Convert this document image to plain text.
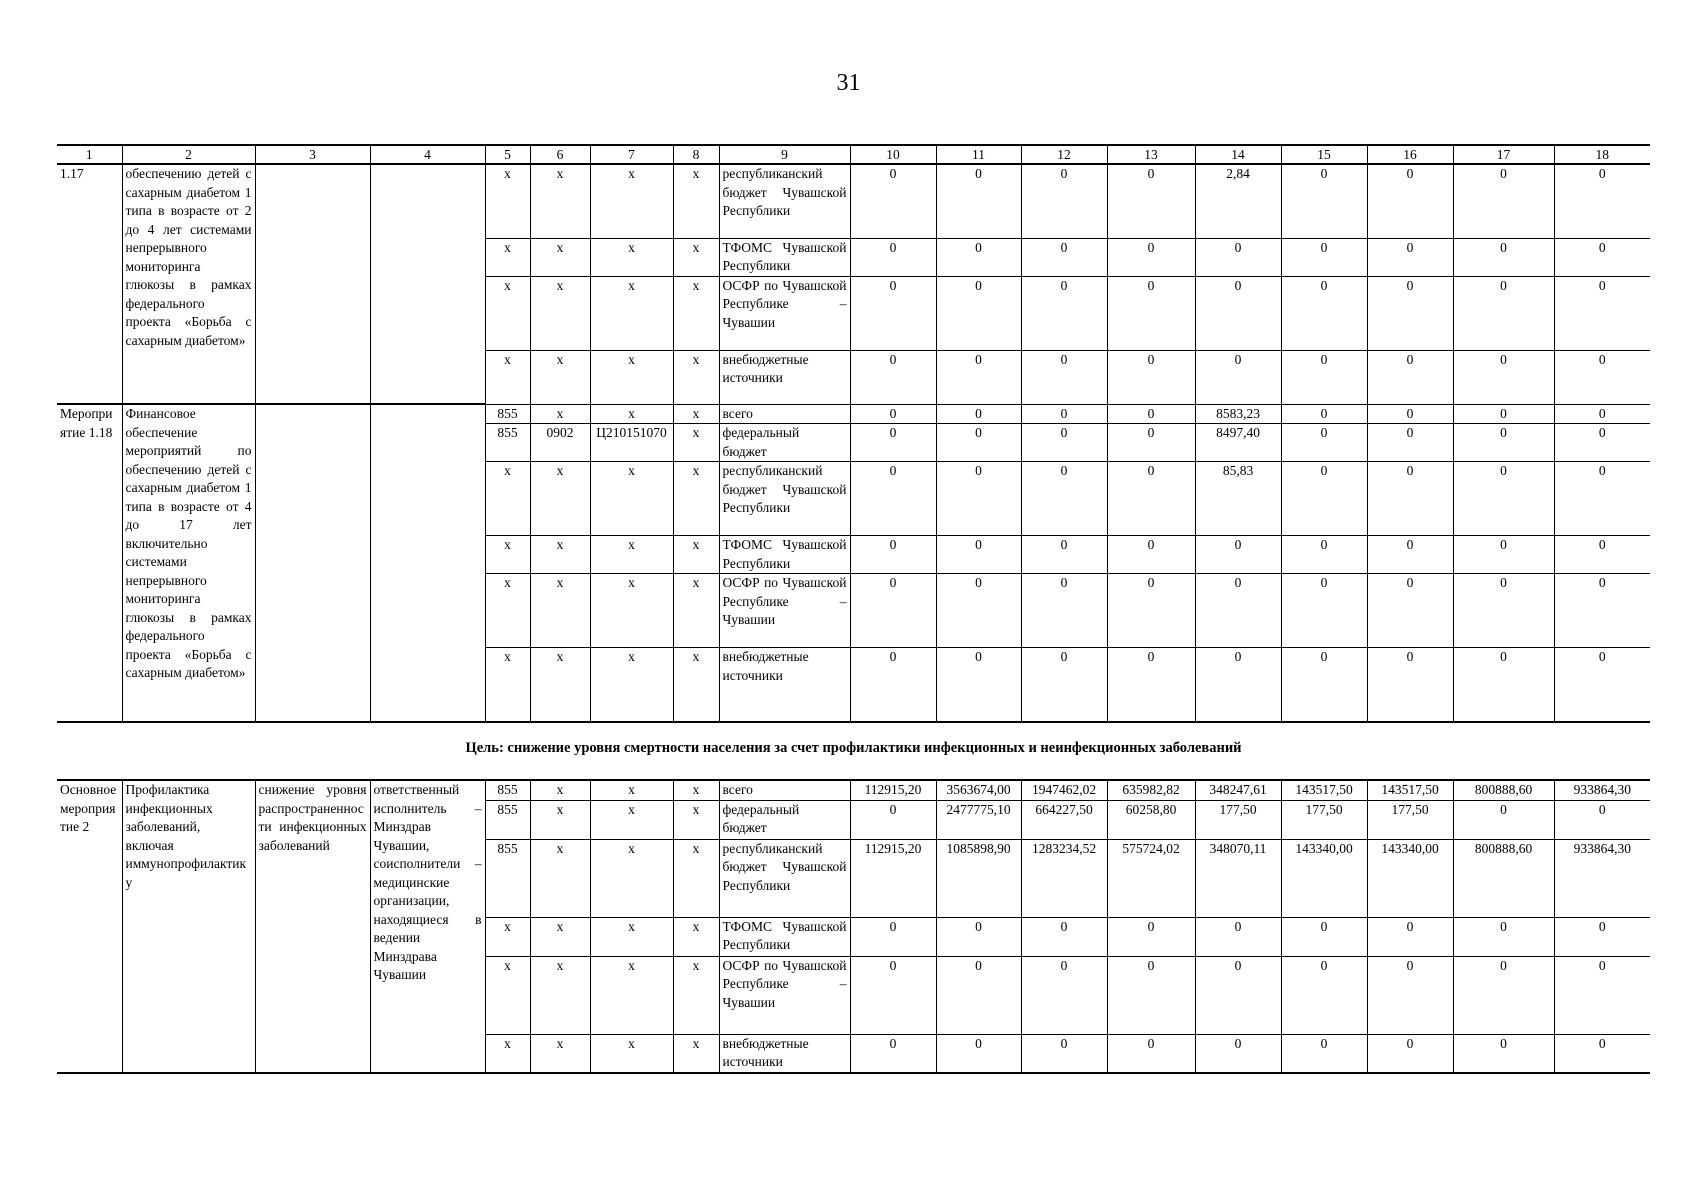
31
1	2	3	4	5	6	7	8	9	10	11	12	13	14	15	16	17	18
1.17	обеспечению детей с сахарным диабетом 1 типа в возрасте от 2 до 4 лет системами непрерывного мониторинга глюкозы в рамках федерального проекта «Борьба с сахарным диабетом»			x	x	x	x	республиканский бюджет Чувашской Республики	0	0	0	0	2,84	0	0	0	0
				x	x	x	x	ТФОМС Чувашской Республики	0	0	0	0	0	0	0	0	0
				x	x	x	x	ОСФР по Чувашской Республике – Чувашии	0	0	0	0	0	0	0	0	0
				x	x	x	x	внебюджетные источники	0	0	0	0	0	0	0	0	0
Мероприятие 1.18	Финансовое обеспечение мероприятий по обеспечению детей с сахарным диабетом 1 типа в возрасте от 4 до 17 лет включительно системами непрерывного мониторинга глюкозы в рамках федерального проекта «Борьба с сахарным диабетом»			855	x	x	x	всего	0	0	0	0	8583,23	0	0	0	0
				855	0902	Ц210151070	x	федеральный бюджет	0	0	0	0	8497,40	0	0	0	0
				x	x	x	x	республиканский бюджет Чувашской Республики	0	0	0	0	85,83	0	0	0	0
				x	x	x	x	ТФОМС Чувашской Республики	0	0	0	0	0	0	0	0	0
				x	x	x	x	ОСФР по Чувашской Республике – Чувашии	0	0	0	0	0	0	0	0	0
				x	x	x	x	внебюджетные источники	0	0	0	0	0	0	0	0	0
Цель: снижение уровня смертности населения за счет профилактики инфекционных и неинфекционных заболеваний
Основное мероприятие 2	Профилактика инфекционных заболеваний, включая иммунопрофилактику	снижение уровня распространенности инфекционных заболеваний	ответственный исполнитель – Минздрав Чувашии, соисполнители – медицинские организации, находящиеся в ведении Минздрава Чувашии	855	x	x	x	всего	112915,20	3563674,00	1947462,02	635982,82	348247,61	143517,50	143517,50	800888,60	933864,30
				855	x	x	x	федеральный бюджет	0	2477775,10	664227,50	60258,80	177,50	177,50	177,50	0	0
				855	x	x	x	республиканский бюджет Чувашской Республики	112915,20	1085898,90	1283234,52	575724,02	348070,11	143340,00	143340,00	800888,60	933864,30
				x	x	x	x	ТФОМС Чувашской Республики	0	0	0	0	0	0	0	0	0
				x	x	x	x	ОСФР по Чувашской Республике – Чувашии	0	0	0	0	0	0	0	0	0
				x	x	x	x	внебюджетные источники	0	0	0	0	0	0	0	0	0
